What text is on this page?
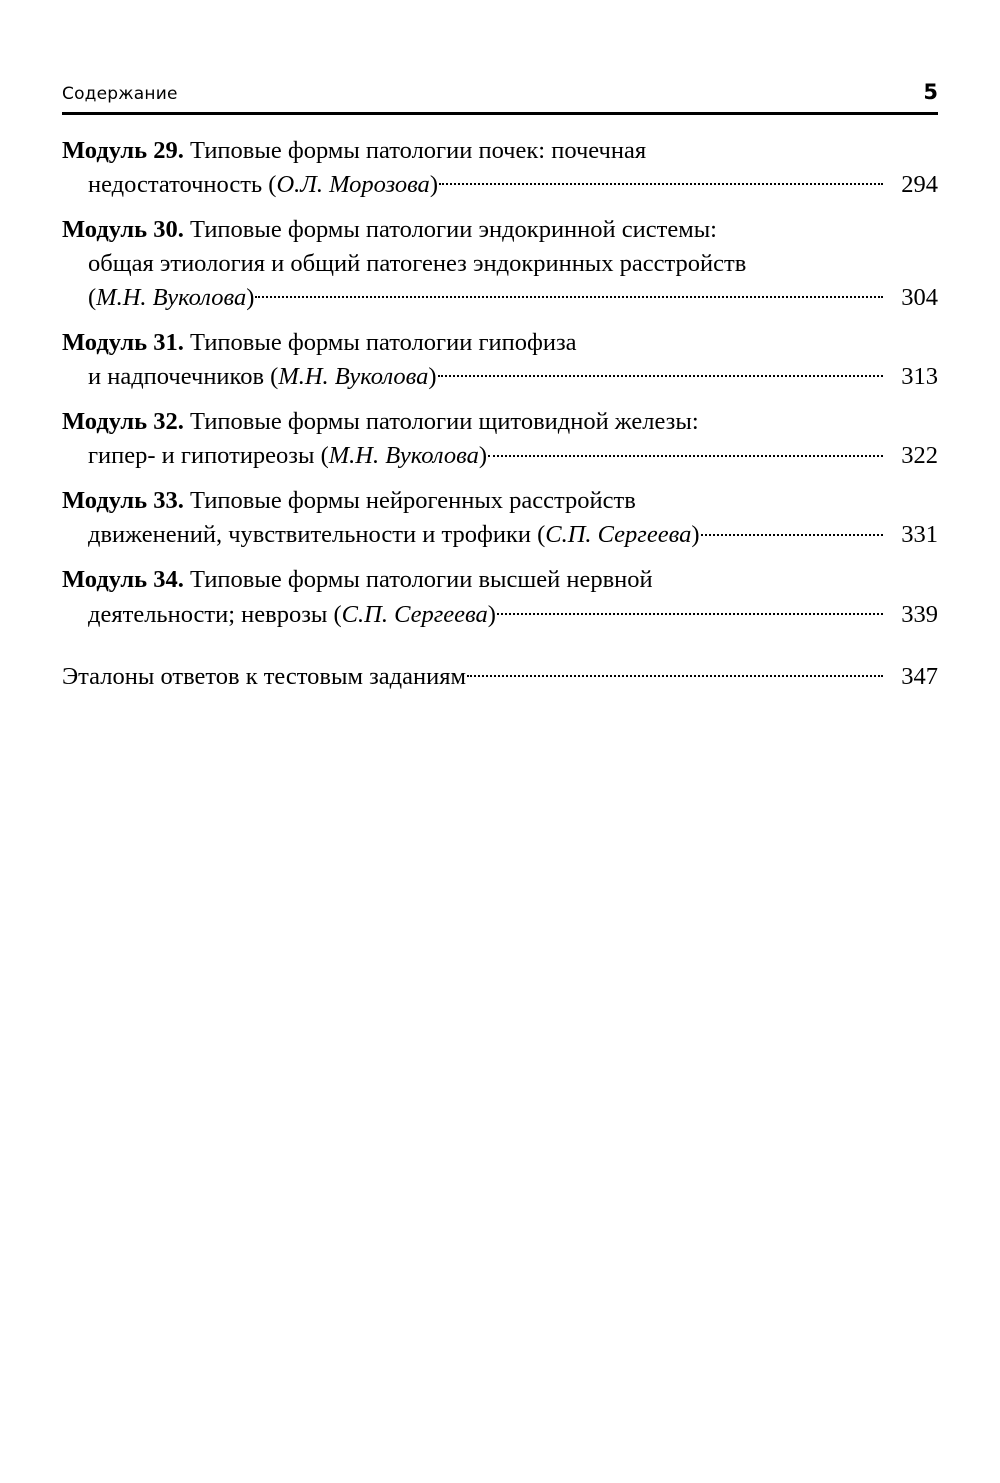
Содержание	5
Модуль 29. Типовые формы патологии почек: почечная
недостаточность (О.Л. Морозова)	294
Модуль 30. Типовые формы патологии эндокринной системы:
общая этиология и общий патогенез эндокринных расстройств
(М.Н. Вуколова)	304
Модуль 31. Типовые формы патологии гипофиза
и надпочечников (М.Н. Вуколова)	313
Модуль 32. Типовые формы патологии щитовидной железы:
гипер- и гипотиреозы (М.Н. Вуколова)	322
Модуль 33. Типовые формы нейрогенных расстройств
движенений, чувствительности и трофики (С.П. Сергеева)	331
Модуль 34. Типовые формы патологии высшей нервной
деятельности; неврозы (С.П. Сергеева)	339
Эталоны ответов к тестовым заданиям	347
